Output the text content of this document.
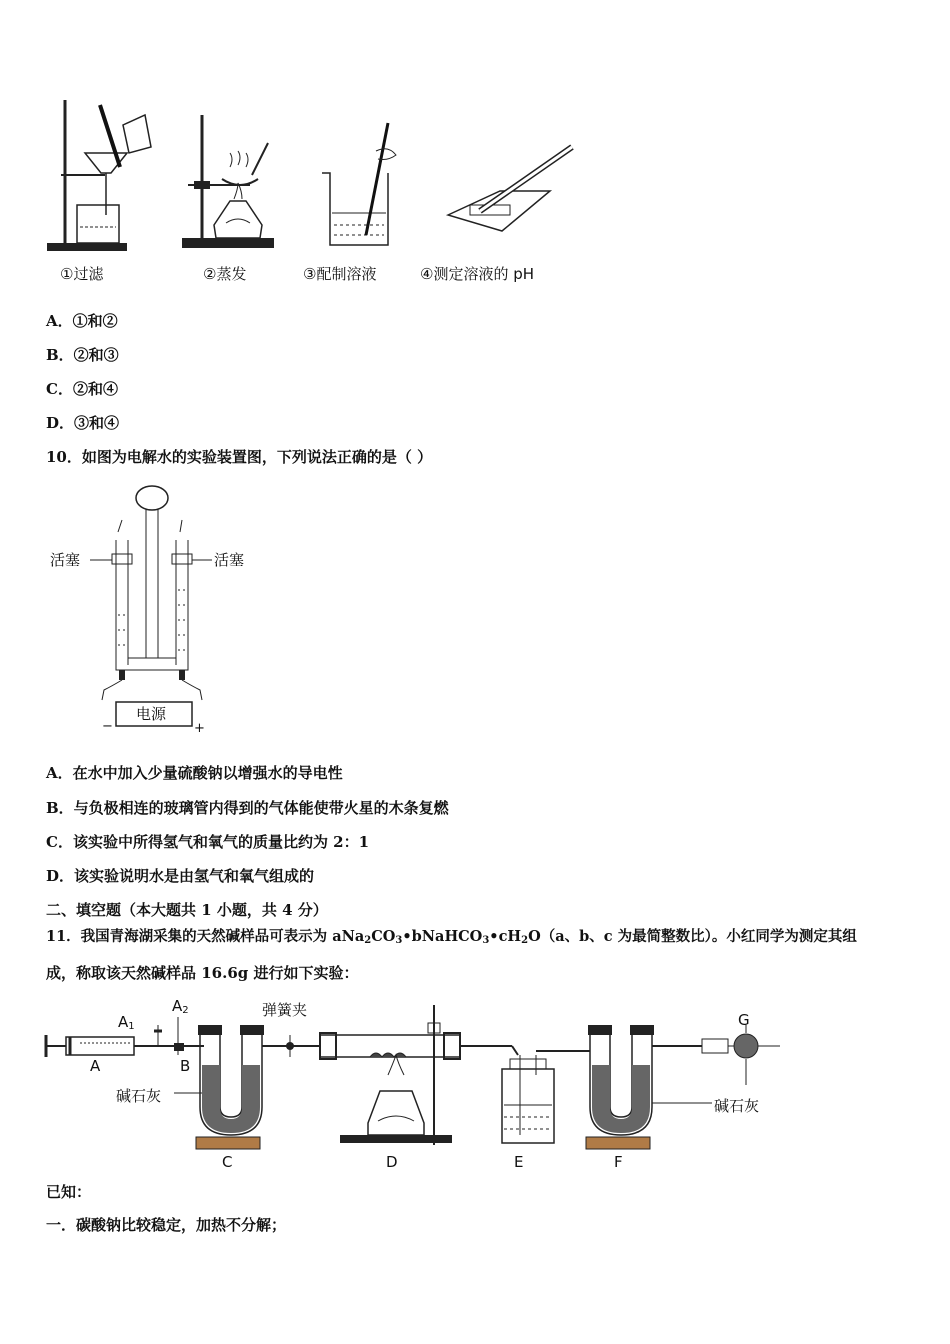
①过滤	②蒸发	③配制溶液	④测定溶液的 pH
A．①和②
B．②和③
C．②和④
D．③和④
10．如图为电解水的实验装置图，下列说法正确的是（ ）
活塞	活塞
电源
−	+
A．在水中加入少量硫酸钠以增强水的导电性
B．与负极相连的玻璃管内得到的气体能使带火星的木条复燃
C．该实验中所得氢气和氧气的质量比约为 2：1
D．该实验说明水是由氢气和氧气组成的
二、填空题（本大题共 1 小题，共 4 分）
11．我国青海湖采集的天然碱样品可表示为 $aNa_2CO_3•bNaHCO_3•cH_2O(a$、b、c 为最简整数比）。小红同学为测定其组
成，称取该天然碱样品 16.6g 进行如下实验：
A
$A_1$
$A_2$
B
弹簧夹
碱石灰
C	D	E	F
G
碱石灰
已知：
一．碳酸钠比较稳定，加热不分解；
